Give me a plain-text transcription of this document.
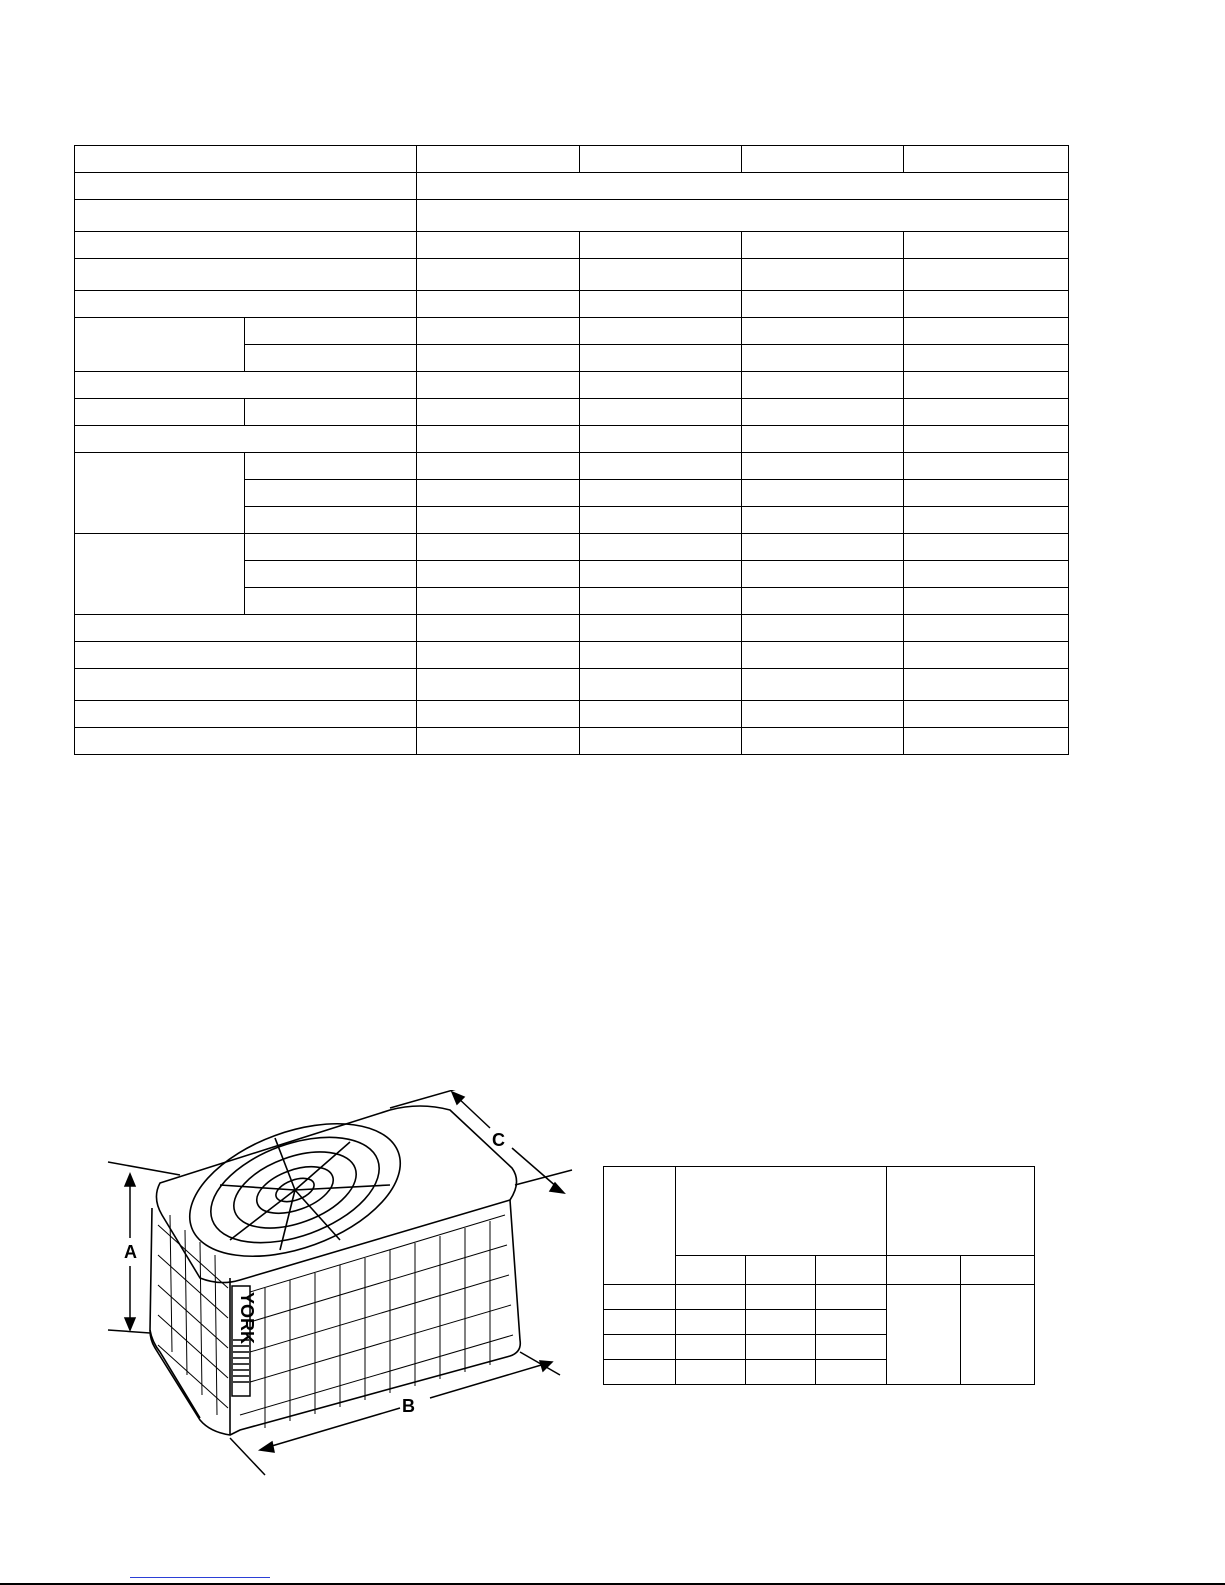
YORK
A
B
C
